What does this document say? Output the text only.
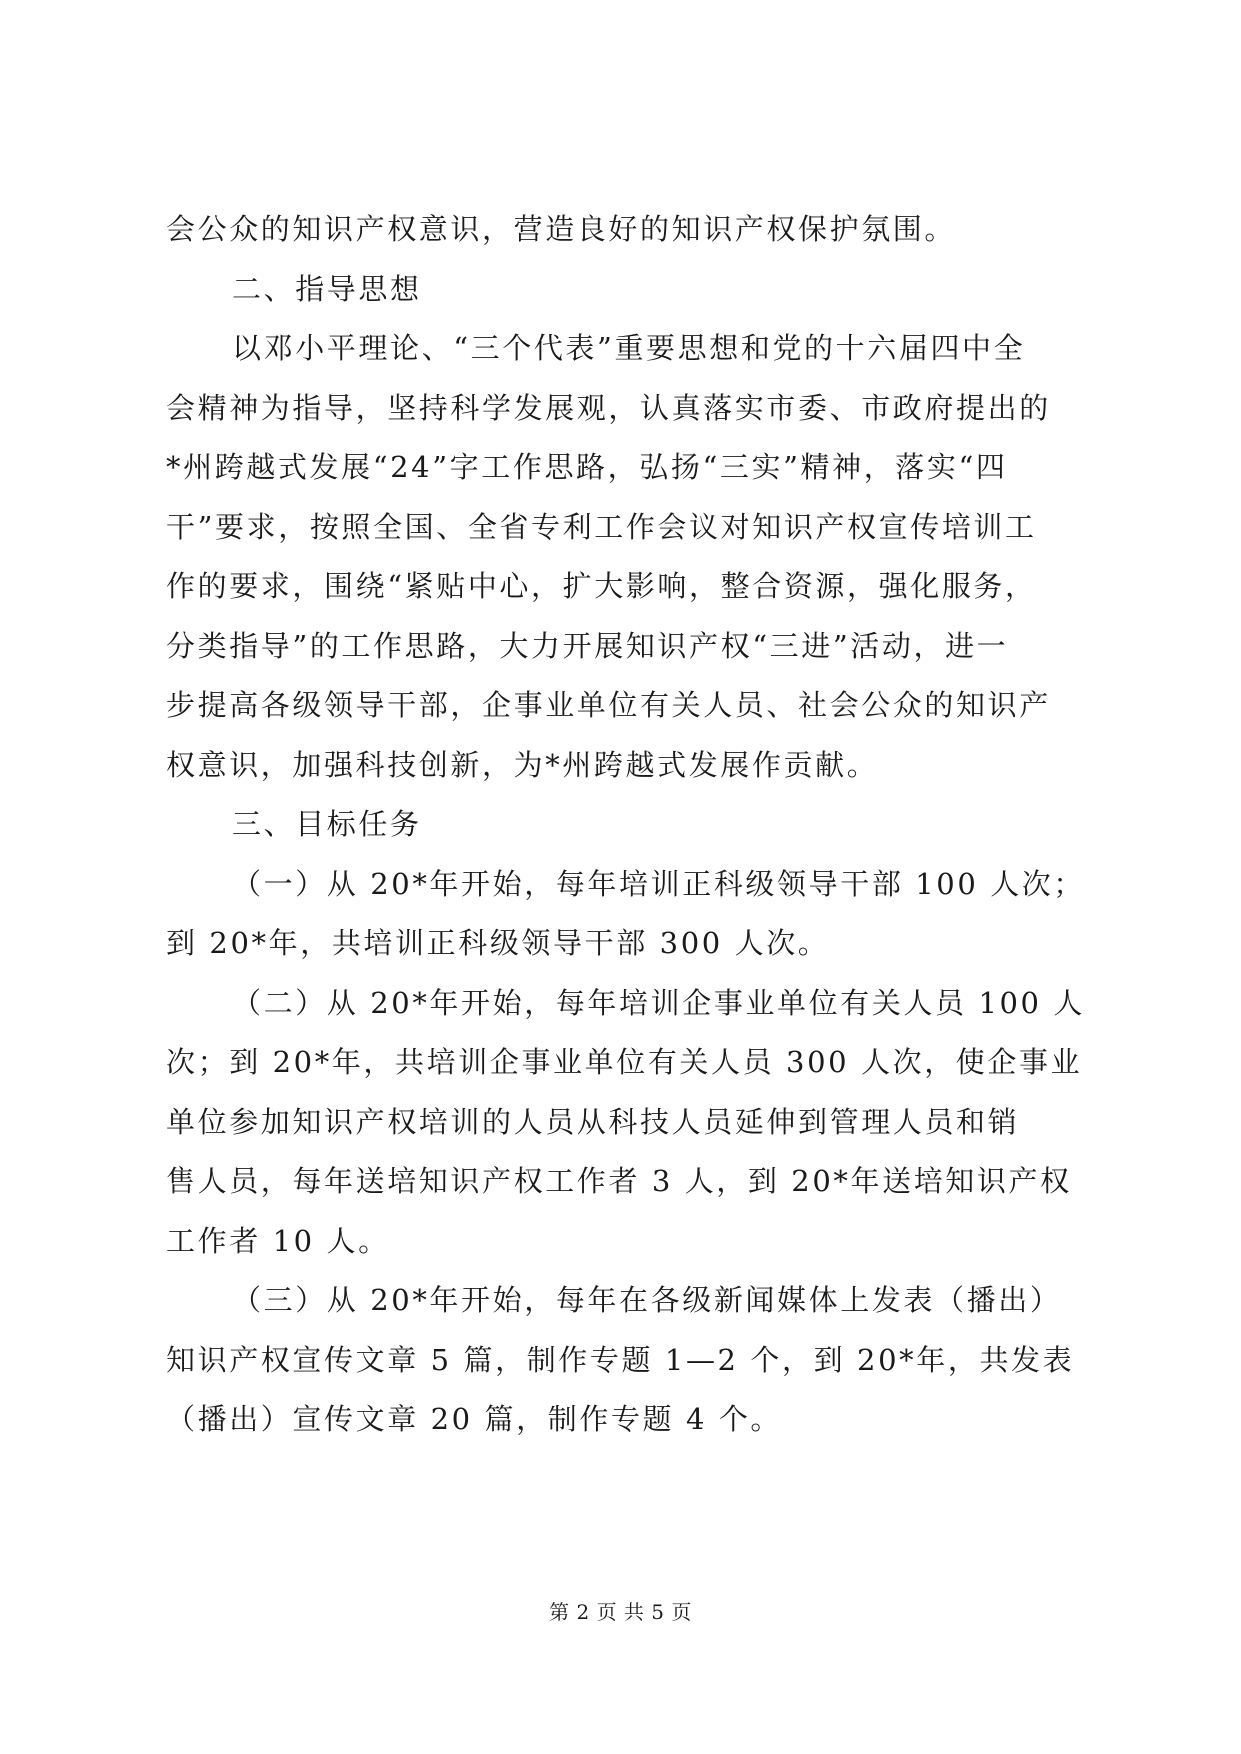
会公众的知识产权意识，营造良好的知识产权保护氛围。
二、指导思想
以邓小平理论、“三个代表”重要思想和党的十六届四中全
会精神为指导，坚持科学发展观，认真落实市委、市政府提出的
*州跨越式发展“24”字工作思路，弘扬“三实”精神，落实“四
干”要求，按照全国、全省专利工作会议对知识产权宣传培训工
作的要求，围绕“紧贴中心，扩大影响，整合资源，强化服务，
分类指导”的工作思路，大力开展知识产权“三进”活动，进一
步提高各级领导干部，企事业单位有关人员、社会公众的知识产
权意识，加强科技创新，为*州跨越式发展作贡献。
三、目标任务
（一）从 20*年开始，每年培训正科级领导干部 100 人次；
到 20*年，共培训正科级领导干部 300 人次。
（二）从 20*年开始，每年培训企事业单位有关人员 100 人
次；到 20*年，共培训企事业单位有关人员 300 人次，使企事业
单位参加知识产权培训的人员从科技人员延伸到管理人员和销
售人员，每年送培知识产权工作者 3 人，到 20*年送培知识产权
工作者 10 人。
（三）从 20*年开始，每年在各级新闻媒体上发表（播出）
知识产权宣传文章 5 篇，制作专题 1—2 个，到 20*年，共发表
（播出）宣传文章 20 篇，制作专题 4 个。
第 2 页 共 5 页
